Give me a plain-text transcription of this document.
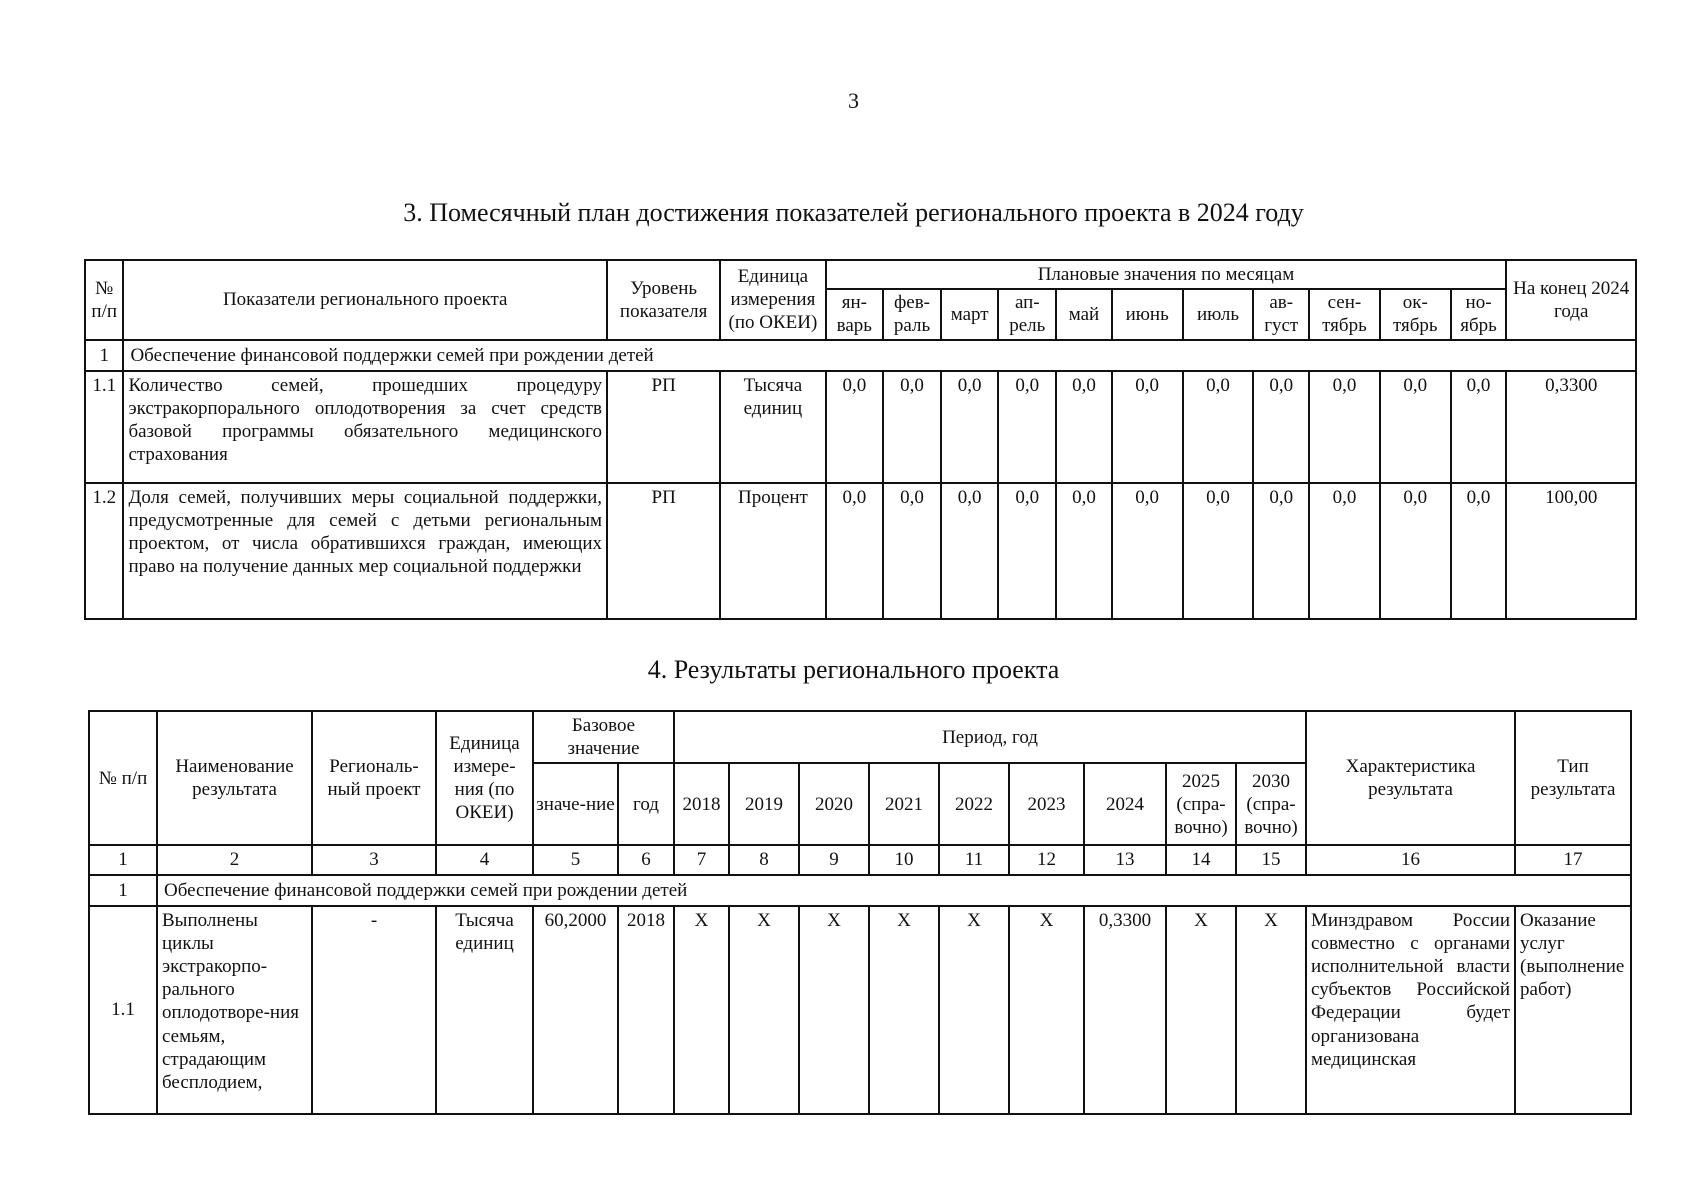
3
3. Помесячный план достижения показателей регионального проекта в 2024 году
№ п/п	Показатели регионального проекта	Уровень показателя	Единица измерения (по ОКЕИ)	Плановые значения по месяцам											На конец 2024 года
				ян-варь	фев-раль	март	ап-рель	май	июнь	июль	ав-густ	сен-тябрь	ок-тябрь	но-ябрь	
1	Обеспечение финансовой поддержки семей при рождении детей														
1.1	Количество семей, прошедших процедуру экстракорпорального оплодотворения за счет средств базовой программы обязательного медицинского страхования	РП	Тысяча единиц	0,0	0,0	0,0	0,0	0,0	0,0	0,0	0,0	0,0	0,0	0,0	0,3300
1.2	Доля семей, получивших меры социальной поддержки, предусмотренные для семей с детьми региональным проектом, от числа обратившихся граждан, имеющих право на получение данных мер социальной поддержки	РП	Процент	0,0	0,0	0,0	0,0	0,0	0,0	0,0	0,0	0,0	0,0	0,0	100,00
4. Результаты регионального проекта
№ п/п	Наименование результата	Региональ-ный проект	Единица измере-ния (по ОКЕИ)	Базовое значение		Период, год									Характеристика результата	Тип результата
				значе-ние	год	2018	2019	2020	2021	2022	2023	2024	2025 (спра-вочно)	2030 (спра-вочно)		
1	2	3	4	5	6	7	8	9	10	11	12	13	14	15	16	17
1	Обеспечение финансовой поддержки семей при рождении детей															
1.1	Выполнены циклы экстракорпо-рального оплодотворе-ния семьям, страдающим бесплодием,	-	Тысяча единиц	60,2000	2018	X	X	X	X	X	X	0,3300	X	X	Минздравом России совместно с органами исполнительной власти субъектов Российской Федерации будет организована медицинская	Оказание услуг (выполнение работ)
